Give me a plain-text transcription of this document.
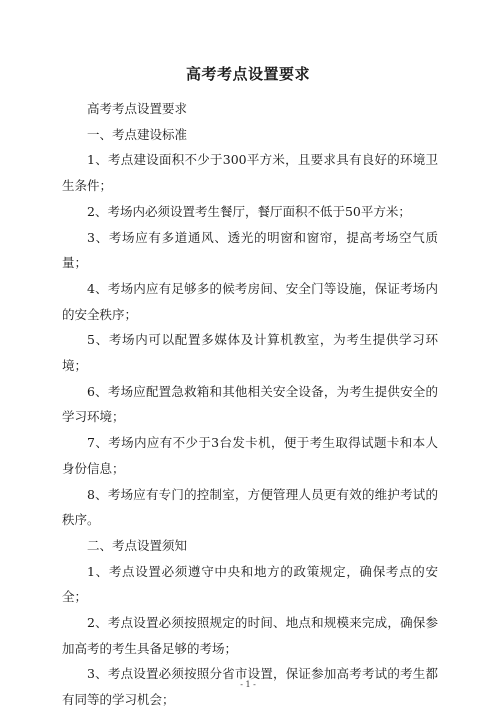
高考考点设置要求

高考考点设置要求

一、考点建设标准

1、考点建设面积不少于300平方米，且要求具有良好的环境卫生条件；

2、考场内必须设置考生餐厅，餐厅面积不低于50平方米；

3、考场应有多道通风、透光的明窗和窗帘，提高考场空气质量；

4、考场内应有足够多的候考房间、安全门等设施，保证考场内的安全秩序；

5、考场内可以配置多媒体及计算机教室，为考生提供学习环境；

6、考场应配置急救箱和其他相关安全设备，为考生提供安全的学习环境；

7、考场内应有不少于3台发卡机，便于考生取得试题卡和本人身份信息；

8、考场应有专门的控制室，方便管理人员更有效的维护考试的秩序。

二、考点设置须知

1、考点设置必须遵守中央和地方的政策规定，确保考点的安全；

2、考点设置必须按照规定的时间、地点和规模来完成，确保参加高考的考生具备足够的考场；

3、考点设置必须按照分省市设置，保证参加高考考试的考生都有同等的学习机会；

- 1 -
